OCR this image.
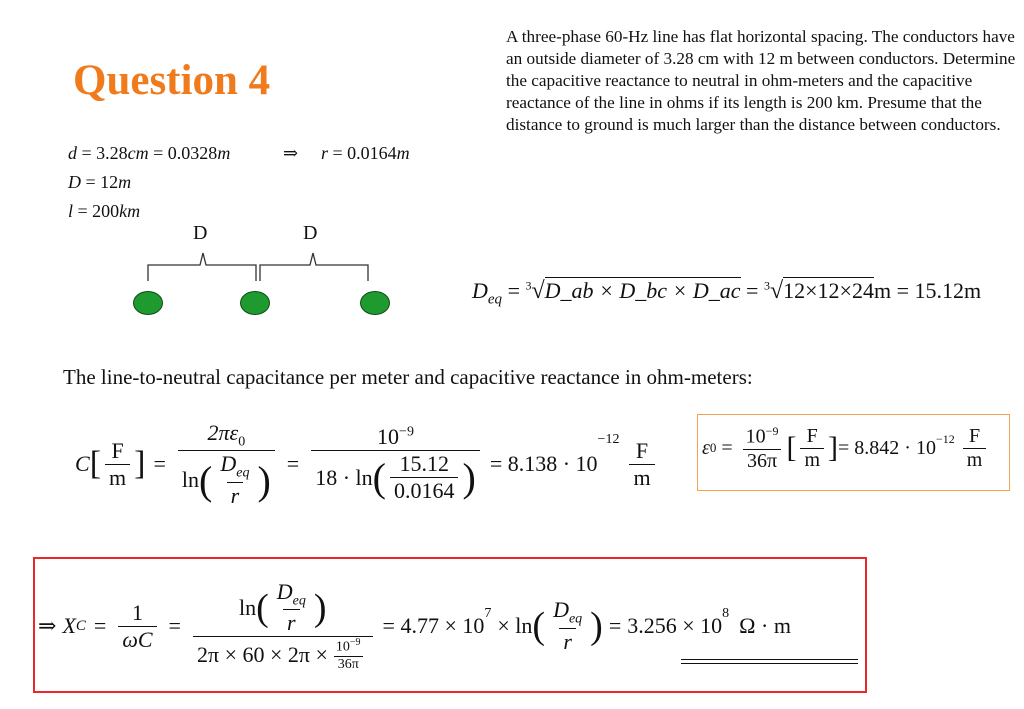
Question 4
A three-phase 60-Hz line has flat horizontal spacing. The conductors have an outside diameter of 3.28 cm with 12 m between conductors. Determine the capacitive reactance to neutral in ohm-meters and the capacitive reactance of the line in ohms if its length is 200 km. Presume that the distance to ground is much larger than the distance between conductors.
d = 3.28cm = 0.0328m	⇒ r = 0.0164m
D = 12m
l = 200km
D	D
$D_{eq}$ = $^3$√D_ab × D_bc × D_ac = $^3$√12×12×24m = 15.12m
The line-to-neutral capacitance per meter and capacitive reactance in ohm-meters:
C [ $\frac{F}{m}$ ] = $\frac{2\pi\varepsilon_0}{\ln ( \frac{D_{eq}}{r} )} = \frac{10^{-9}}{18 \cdot \ln ( \frac{15.12}{0.0164} )} = 8.138 \cdot 10$
$-12 \frac{F}{m}$ ε $0 = \frac{10^{-9}}{36\pi}$ [ $\frac{F}{m}$ ] = $8.842 \cdot 10^{-12} \frac{F}{m}$
⇒ X $C = \frac{1}{\omega C} = \frac{\ln ( \frac{D_{eq}}{r} )}{2\pi \times 60 \times 2\pi \times \frac{10^{-9}}{36\pi}} = 4.77 \times 10^7 \times \ln$ ( $\frac{D_{eq}}{r}$ ) = $3.256 \times 10^8$ Ω · m
